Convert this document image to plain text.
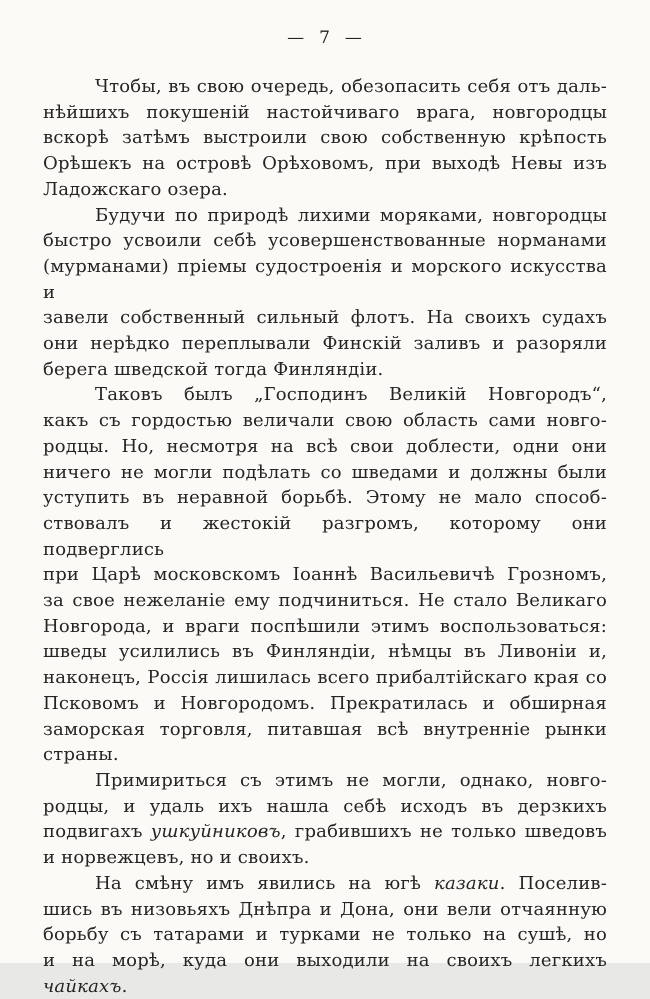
— 7 —
Чтобы, въ свою очередь, обезопасить себя отъ даль-
нѣйшихъ покушеній настойчиваго врага, новгородцы
вскорѣ затѣмъ выстроили свою собственную крѣпость
Орѣшекъ на островѣ Орѣховомъ, при выходѣ Невы изъ
Ладожскаго озера.
Будучи по природѣ лихими моряками, новгородцы
быстро усвоили себѣ усовершенствованные норманами
(мурманами) пріемы судостроенія и морского искусства и
завели собственный сильный флотъ. На своихъ судахъ
они нерѣдко переплывали Финскій заливъ и разоряли
берега шведской тогда Финляндіи.
Таковъ былъ „Господинъ Великій Новгородъ“,
какъ съ гордостью величали свою область сами новго-
родцы. Но, несмотря на всѣ свои доблести, одни они
ничего не могли подѣлать со шведами и должны были
уступить въ неравной борьбѣ. Этому не мало способ-
ствовалъ и жестокій разгромъ, которому они подверглись
при Царѣ московскомъ Іоаннѣ Васильевичѣ Грозномъ,
за свое нежеланіе ему подчиниться. Не стало Великаго
Новгорода, и враги поспѣшили этимъ воспользоваться:
шведы усилились въ Финляндіи, нѣмцы въ Ливоніи и,
наконецъ, Россія лишилась всего прибалтійскаго края со
Псковомъ и Новгородомъ. Прекратилась и обширная
заморская торговля, питавшая всѣ внутренніе рынки
страны.
Примириться съ этимъ не могли, однако, новго-
родцы, и удаль ихъ нашла себѣ исходъ въ дерзкихъ
подвигахъ ушкуйниковъ, грабившихъ не только шведовъ
и норвежцевъ, но и своихъ.
На смѣну имъ явились на югѣ казаки. Поселив-
шись въ низовьяхъ Днѣпра и Дона, они вели отчаянную
борьбу съ татарами и турками не только на сушѣ, но
и на морѣ, куда они выходили на своихъ легкихъ чайкахъ.
